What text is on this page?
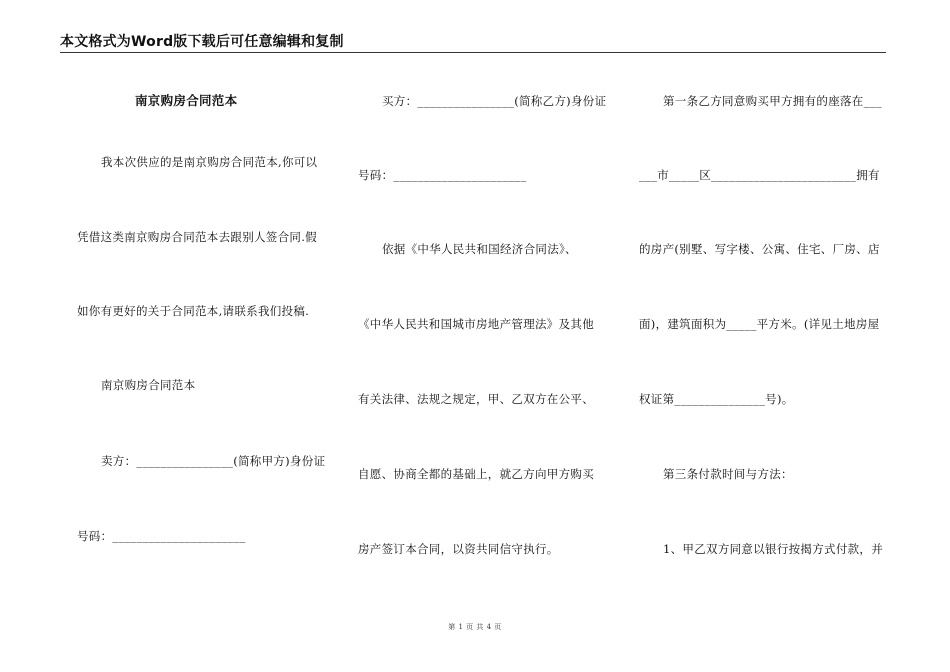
本文格式为Word版下载后可任意编辑和复制
南京购房合同范本
我本次供应的是南京购房合同范本,你可以
凭借这类南京购房合同范本去跟别人签合同.假
如你有更好的关于合同范本,请联系我们投稿.
南京购房合同范本
卖方：________________(简称甲方)身份证
号码：______________________
买方：________________(简称乙方)身份证
号码：______________________
依据《中华人民共和国经济合同法》、
《中华人民共和国城市房地产管理法》及其他
有关法律、法规之规定，甲、乙双方在公平、
自愿、协商全都的基础上，就乙方向甲方购买
房产签订本合同，以资共同信守执行。
第一条乙方同意购买甲方拥有的座落在___
___市_____区________________________拥有
的房产(别墅、写字楼、公寓、住宅、厂房、店
面)，建筑面积为_____平方米。(详见土地房屋
权证第_______________号)。
第三条付款时间与方法：
1、甲乙双方同意以银行按揭方式付款，并
第 1 页 共 4 页
